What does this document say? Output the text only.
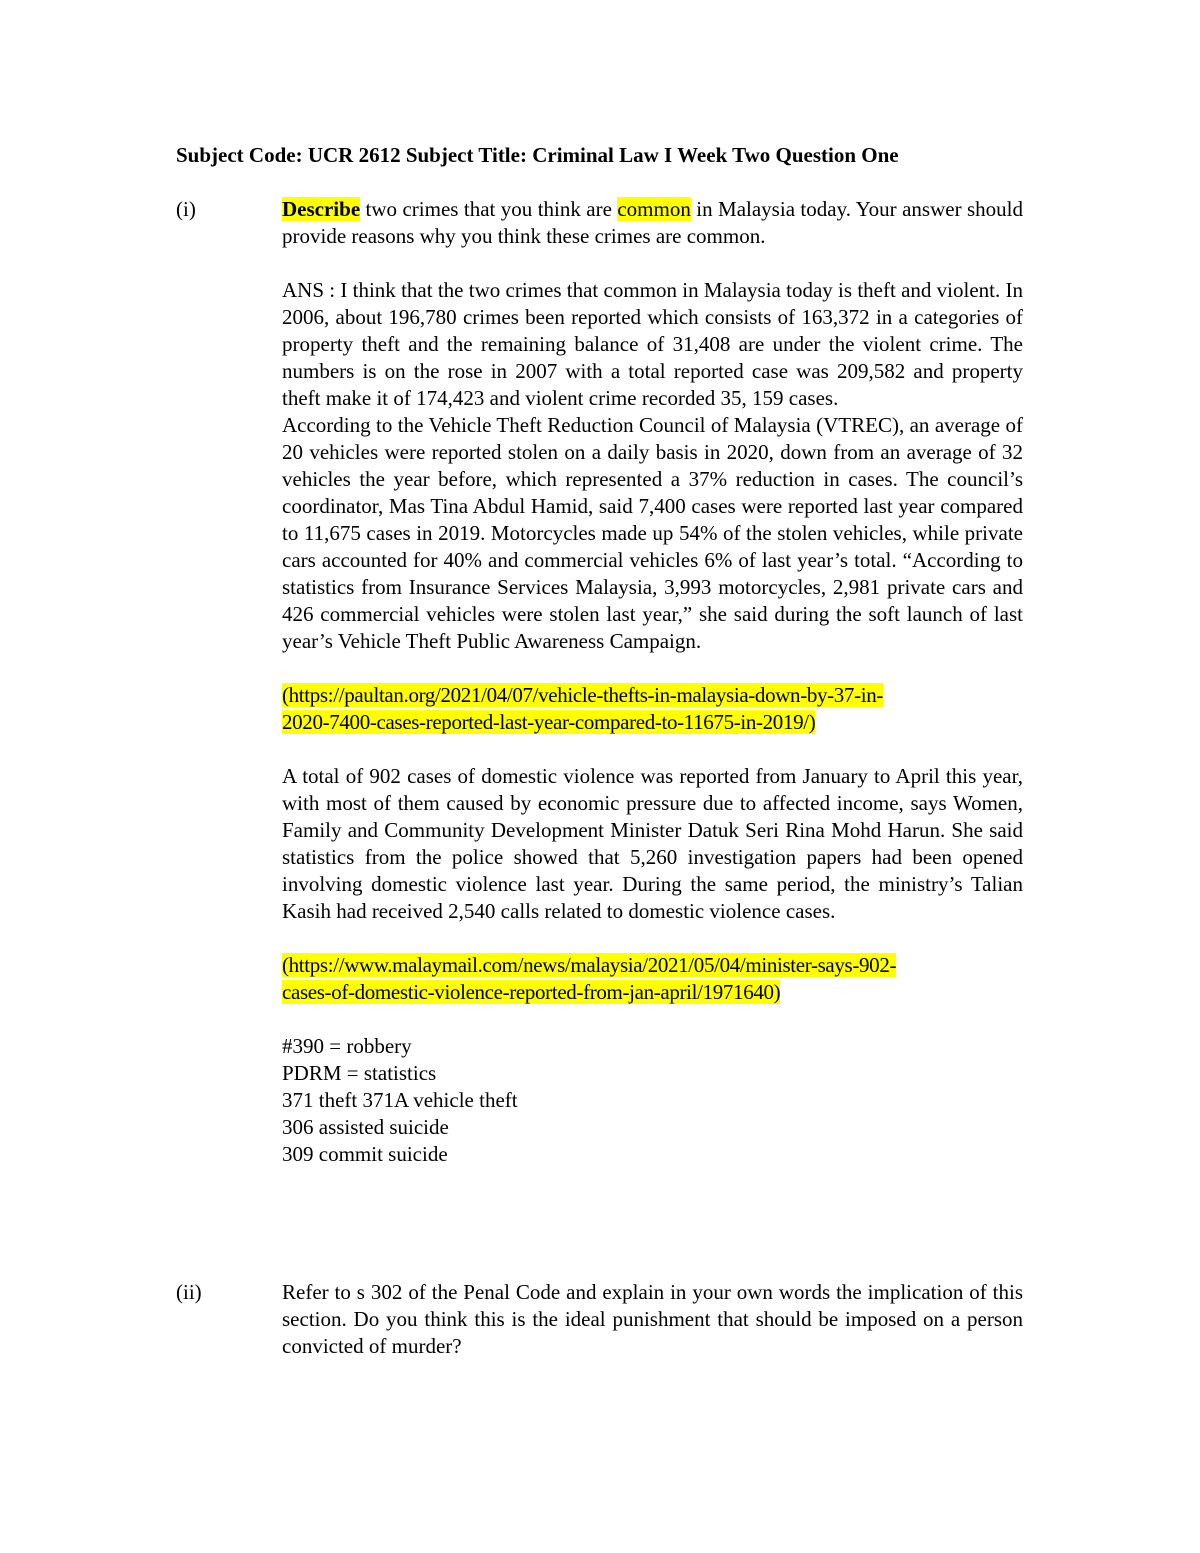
Subject Code: UCR 2612 Subject Title: Criminal Law I Week Two Question One
(i)	Describe two crimes that you think are common in Malaysia today. Your answer should provide reasons why you think these crimes are common.

ANS : I think that the two crimes that common in Malaysia today is theft and violent. In 2006, about 196,780 crimes been reported which consists of 163,372 in a categories of property theft and the remaining balance of 31,408 are under the violent crime. The numbers is on the rose in 2007 with a total reported case was 209,582 and property theft make it of 174,423 and violent crime recorded 35, 159 cases.

According to the Vehicle Theft Reduction Council of Malaysia (VTREC), an average of 20 vehicles were reported stolen on a daily basis in 2020, down from an average of 32 vehicles the year before, which represented a 37% reduction in cases. The council’s coordinator, Mas Tina Abdul Hamid, said 7,400 cases were reported last year compared to 11,675 cases in 2019. Motorcycles made up 54% of the stolen vehicles, while private cars accounted for 40% and commercial vehicles 6% of last year’s total. “According to statistics from Insurance Services Malaysia, 3,993 motorcycles, 2,981 private cars and 426 commercial vehicles were stolen last year,” she said during the soft launch of last year’s Vehicle Theft Public Awareness Campaign.

(https://paultan.org/2021/04/07/vehicle-thefts-in-malaysia-down-by-37-in-

2020-7400-cases-reported-last-year-compared-to-11675-in-2019/)

A total of 902 cases of domestic violence was reported from January to April this year, with most of them caused by economic pressure due to affected income, says Women, Family and Community Development Minister Datuk Seri Rina Mohd Harun. She said statistics from the police showed that 5,260 investigation papers had been opened involving domestic violence last year. During the same period, the ministry’s Talian Kasih had received 2,540 calls related to domestic violence cases.

(https://www.malaymail.com/news/malaysia/2021/05/04/minister-says-902-

cases-of-domestic-violence-reported-from-jan-april/1971640)

#390 = robbery

PDRM = statistics

371 theft 371A vehicle theft

306 assisted suicide

309 commit suicide

(ii)	Refer to s 302 of the Penal Code and explain in your own words the implication of this section. Do you think this is the ideal punishment that should be imposed on a person convicted of murder?
